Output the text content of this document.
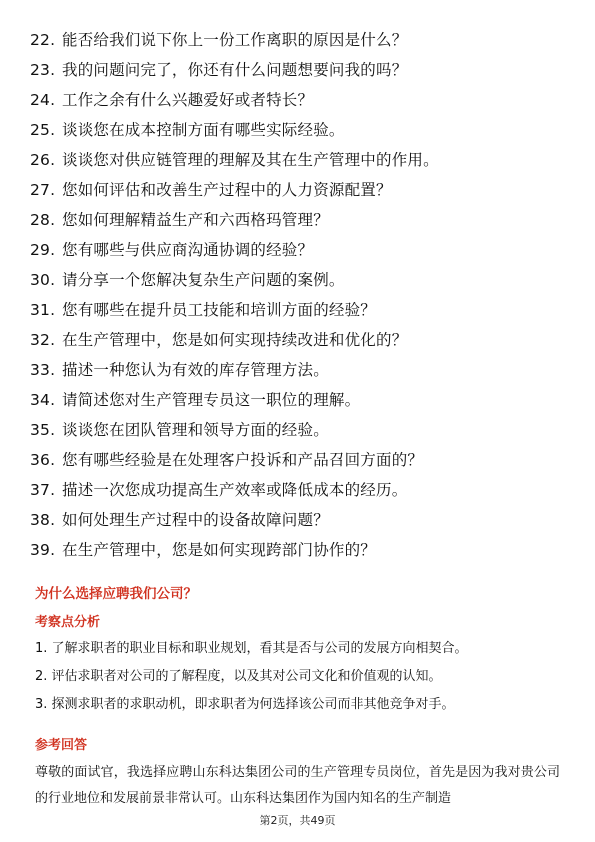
22. 能否给我们说下你上一份工作离职的原因是什么？
23. 我的问题问完了，你还有什么问题想要问我的吗？
24. 工作之余有什么兴趣爱好或者特长？
25. 谈谈您在成本控制方面有哪些实际经验。
26. 谈谈您对供应链管理的理解及其在生产管理中的作用。
27. 您如何评估和改善生产过程中的人力资源配置？
28. 您如何理解精益生产和六西格玛管理？
29. 您有哪些与供应商沟通协调的经验？
30. 请分享一个您解决复杂生产问题的案例。
31. 您有哪些在提升员工技能和培训方面的经验？
32. 在生产管理中，您是如何实现持续改进和优化的？
33. 描述一种您认为有效的库存管理方法。
34. 请简述您对生产管理专员这一职位的理解。
35. 谈谈您在团队管理和领导方面的经验。
36. 您有哪些经验是在处理客户投诉和产品召回方面的？
37. 描述一次您成功提高生产效率或降低成本的经历。
38. 如何处理生产过程中的设备故障问题？
39. 在生产管理中，您是如何实现跨部门协作的？
为什么选择应聘我们公司？
考察点分析
1. 了解求职者的职业目标和职业规划，看其是否与公司的发展方向相契合。
2. 评估求职者对公司的了解程度，以及其对公司文化和价值观的认知。
3. 探测求职者的求职动机，即求职者为何选择该公司而非其他竞争对手。
参考回答
尊敬的面试官，我选择应聘山东科达集团公司的生产管理专员岗位，首先是因为我对贵公司的行业地位和发展前景非常认可。山东科达集团作为国内知名的生产制造
第2页，共49页
